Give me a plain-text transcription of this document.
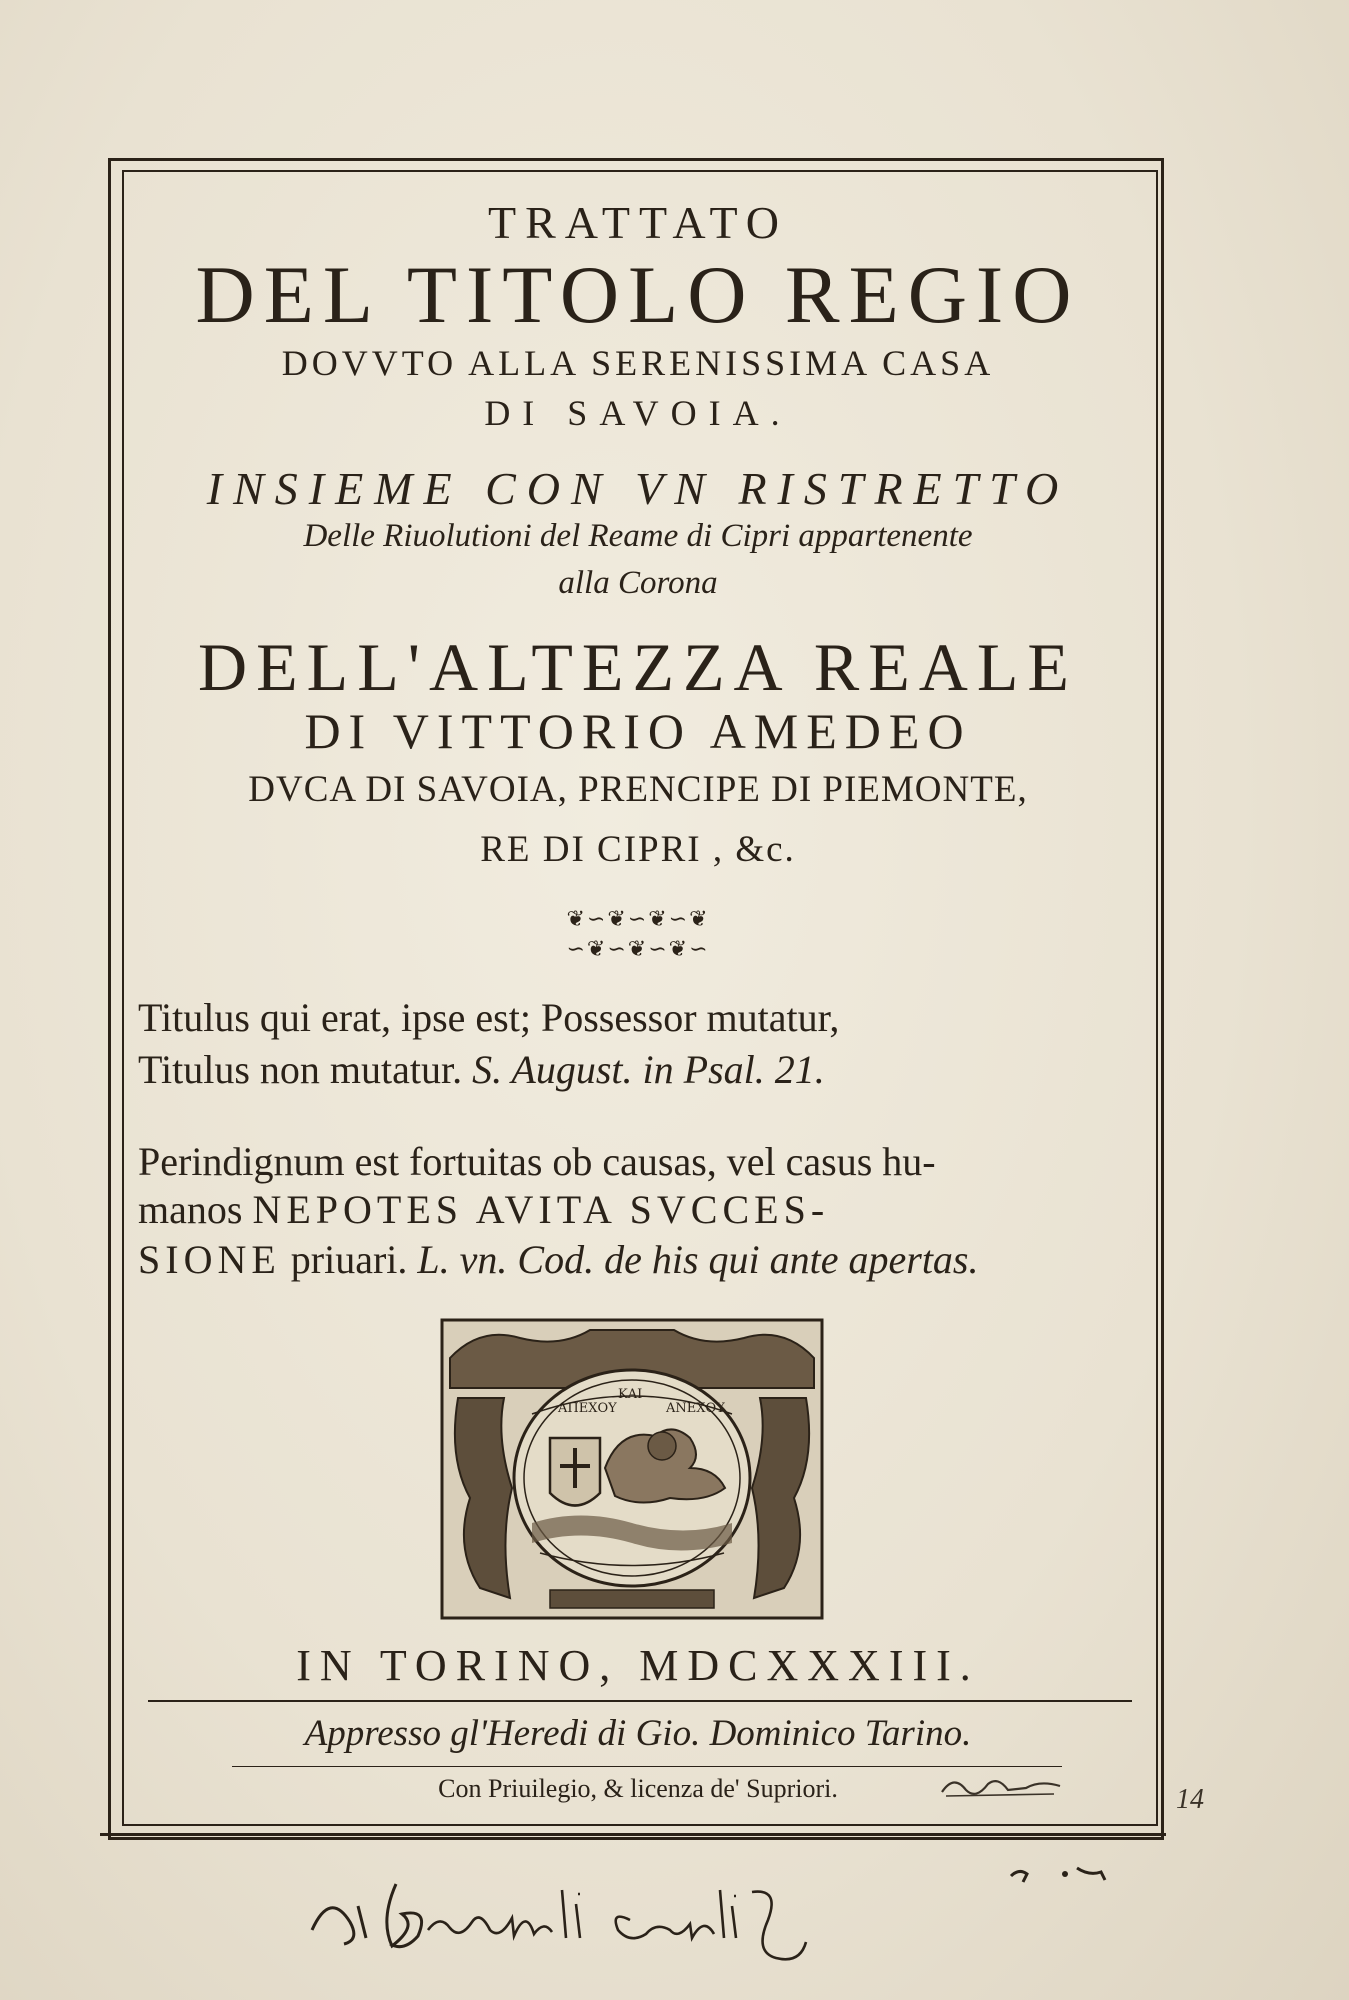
TRATTATO
DEL TITOLO REGIO
DOVVTO ALLA SERENISSIMA CASA
DI SAVOIA.
INSIEME CON VN RISTRETTO
Delle Riuolutioni del Reame di Cipri appartenente
alla Corona
DELL'ALTEZZA REALE
DI VITTORIO AMEDEO
DVCA DI SAVOIA, PRENCIPE DI PIEMONTE,
RE DI CIPRI , &c.
❦∽❦∽❦∽❦
∽❦∽❦∽❦∽
Titulus qui erat, ipse est; Possessor mutatur,
Titulus non mutatur. S. August. in Psal. 21.
Perindignum est fortuitas ob causas, vel casus hu-
manos NEPOTES AVITA SVCCES-
SIONE priuari. L. vn. Cod. de his qui ante apertas.
ΑΠΕΧΟΥ
ΚΑΙ
ΑΝΕΧΟΥ
IN TORINO, MDCXXXIII.
Appresso gl'Heredi di Gio. Dominico Tarino.
Con Priuilegio, & licenza de' Supriori.	14
